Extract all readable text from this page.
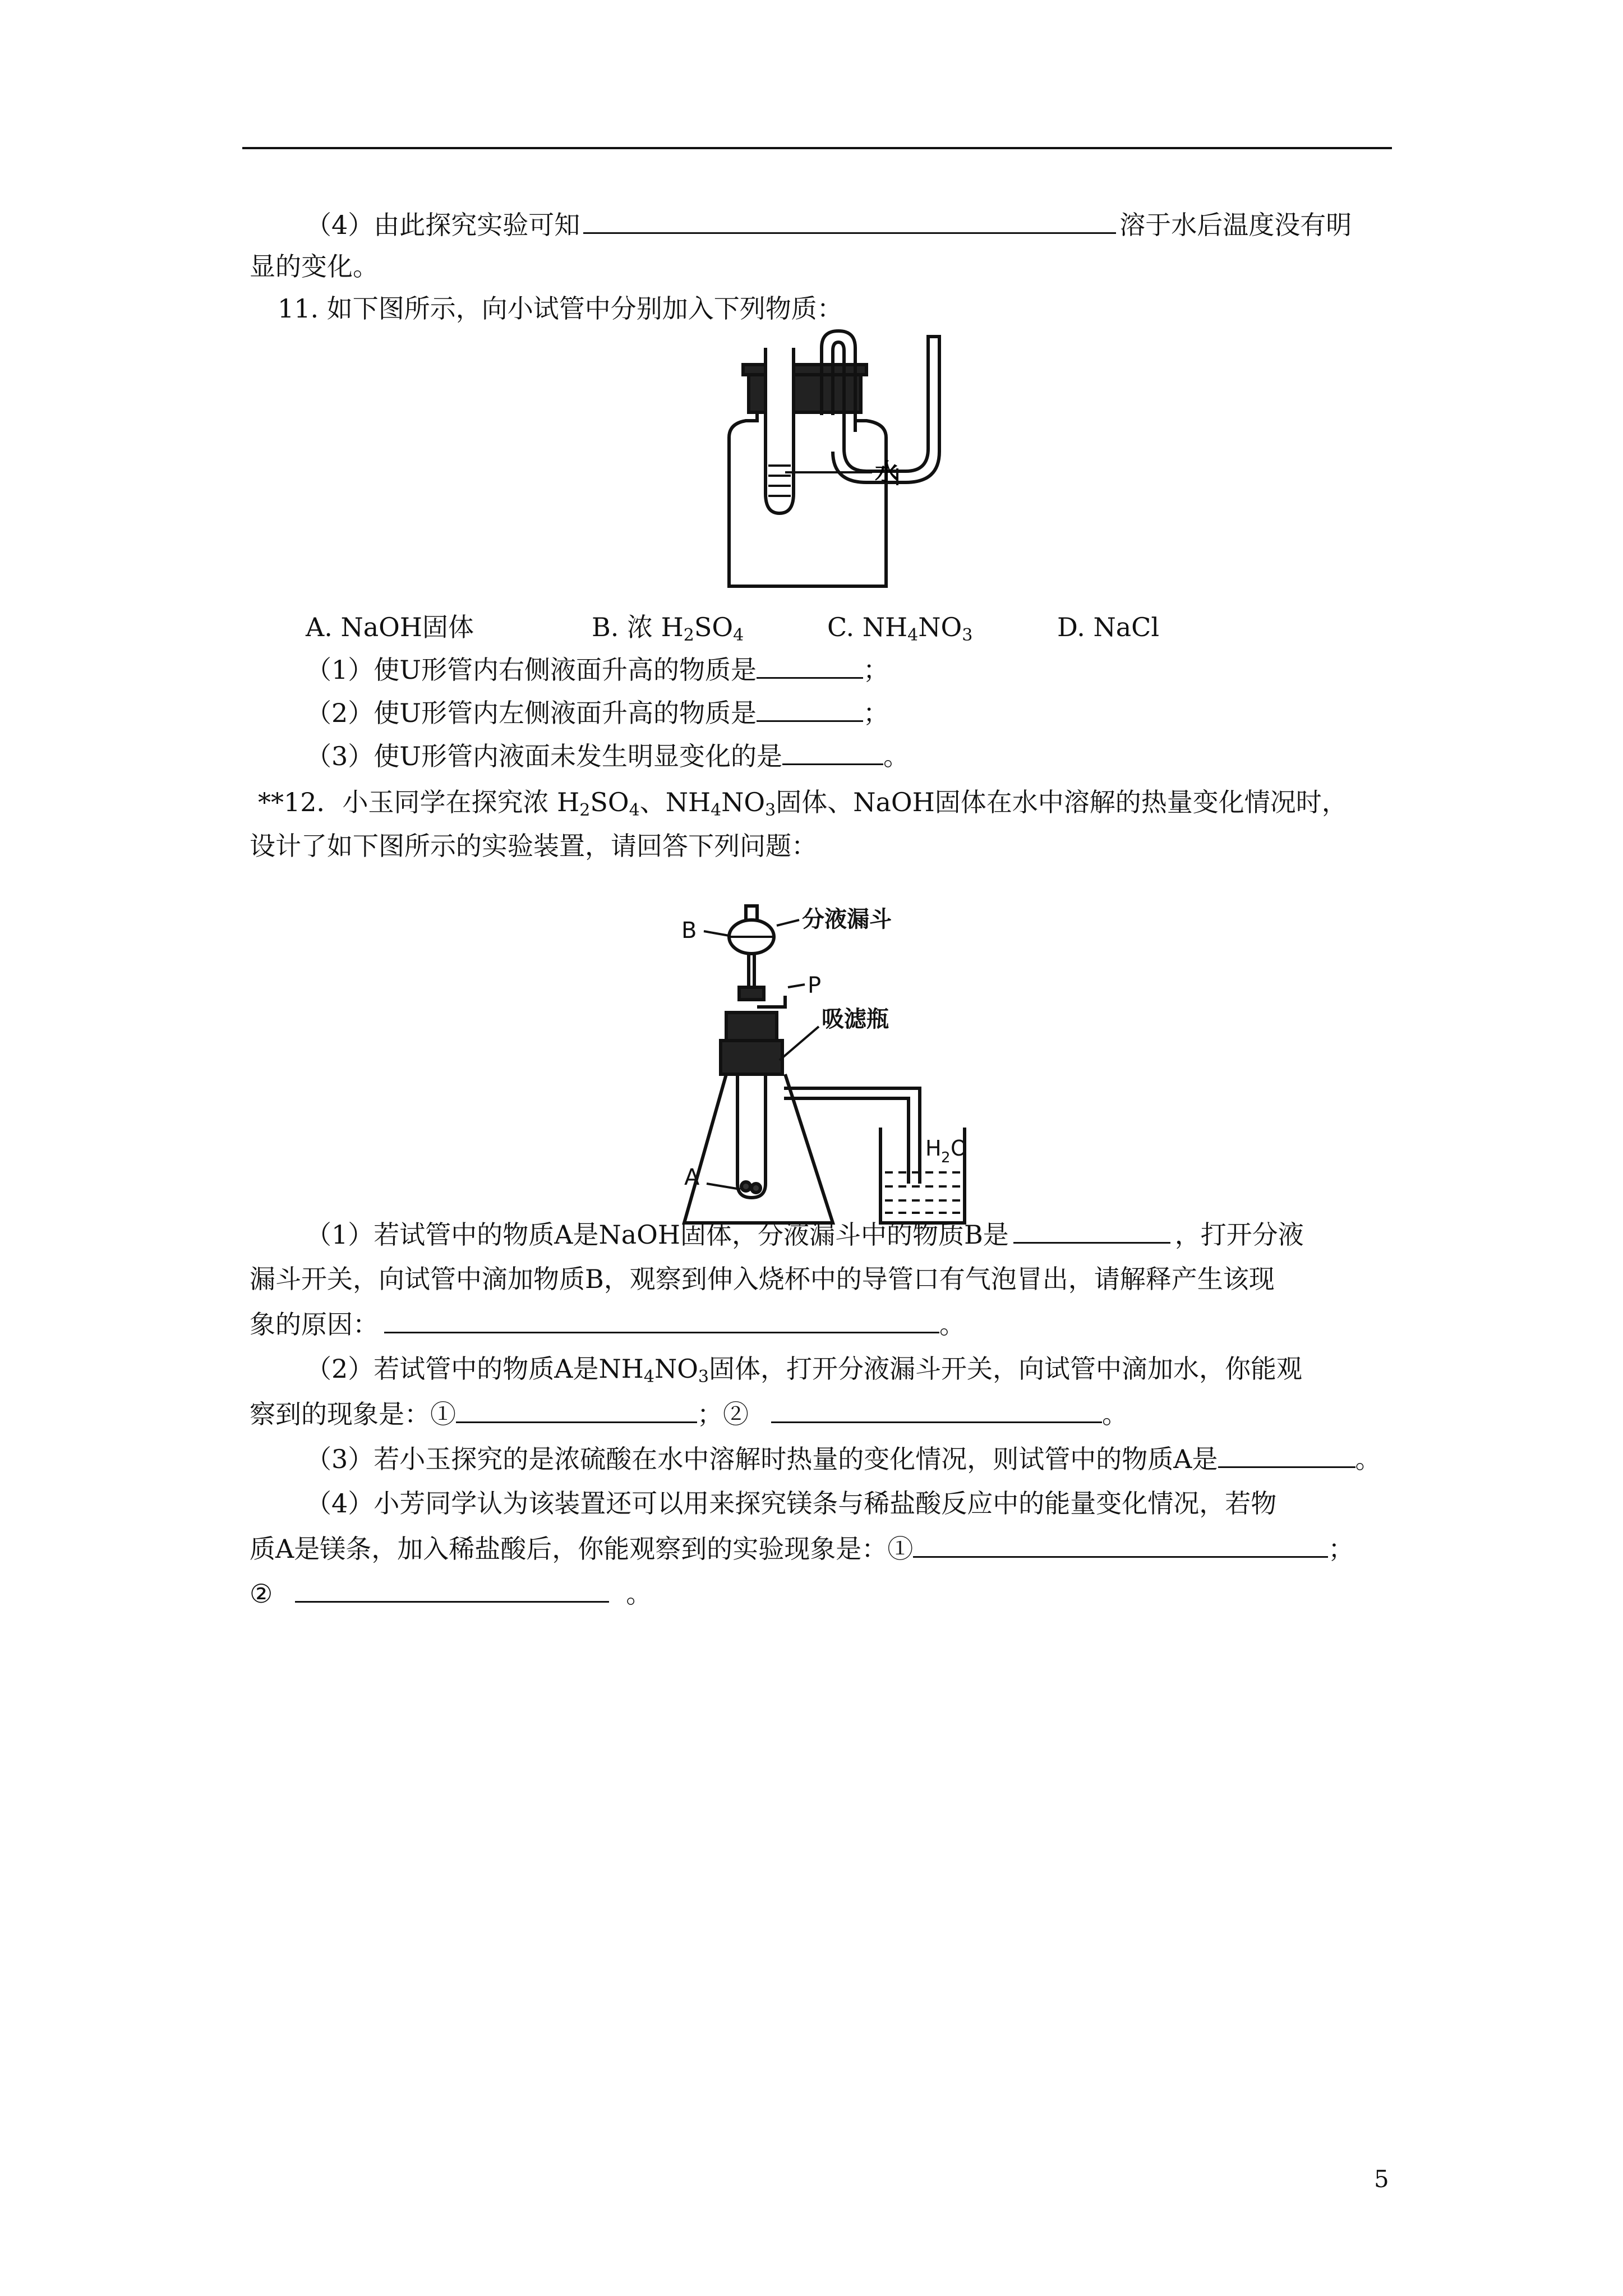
（4）由此探究实验可知	溶于水后温度没有明
显的变化。
11. 如下图所示，向小试管中分别加入下列物质：
水
A. NaOH固体	B. 浓 $H_2SO_4$	C. $NH_4NO_3$	D. NaCl
（1）使U形管内右侧液面升高的物质是	；
（2）使U形管内左侧液面升高的物质是	；
（3）使U形管内液面未发生明显变化的是	。
**12．小玉同学在探究浓 $H_2SO_4$、$NH_4NO_3$固体、NaOH固体在水中溶解的热量变化情况时，
设计了如下图所示的实验装置，请回答下列问题：
B	分液漏斗
P
吸滤瓶
A
H 2 O
（1）若试管中的物质A是NaOH固体，分液漏斗中的物质B是	，打开分液
漏斗开关，向试管中滴加物质B，观察到伸入烧杯中的导管口有气泡冒出，请解释产生该现
象的原因：	。
（2）若试管中的物质A是$NH_4NO_3$固体，打开分液漏斗开关，向试管中滴加水，你能观
察到的现象是：①	；②	。
（3）若小玉探究的是浓硫酸在水中溶解时热量的变化情况，则试管中的物质A是	。
（4）小芳同学认为该装置还可以用来探究镁条与稀盐酸反应中的能量变化情况，若物
质A是镁条，加入稀盐酸后，你能观察到的实验现象是：①	；
②	。
5
